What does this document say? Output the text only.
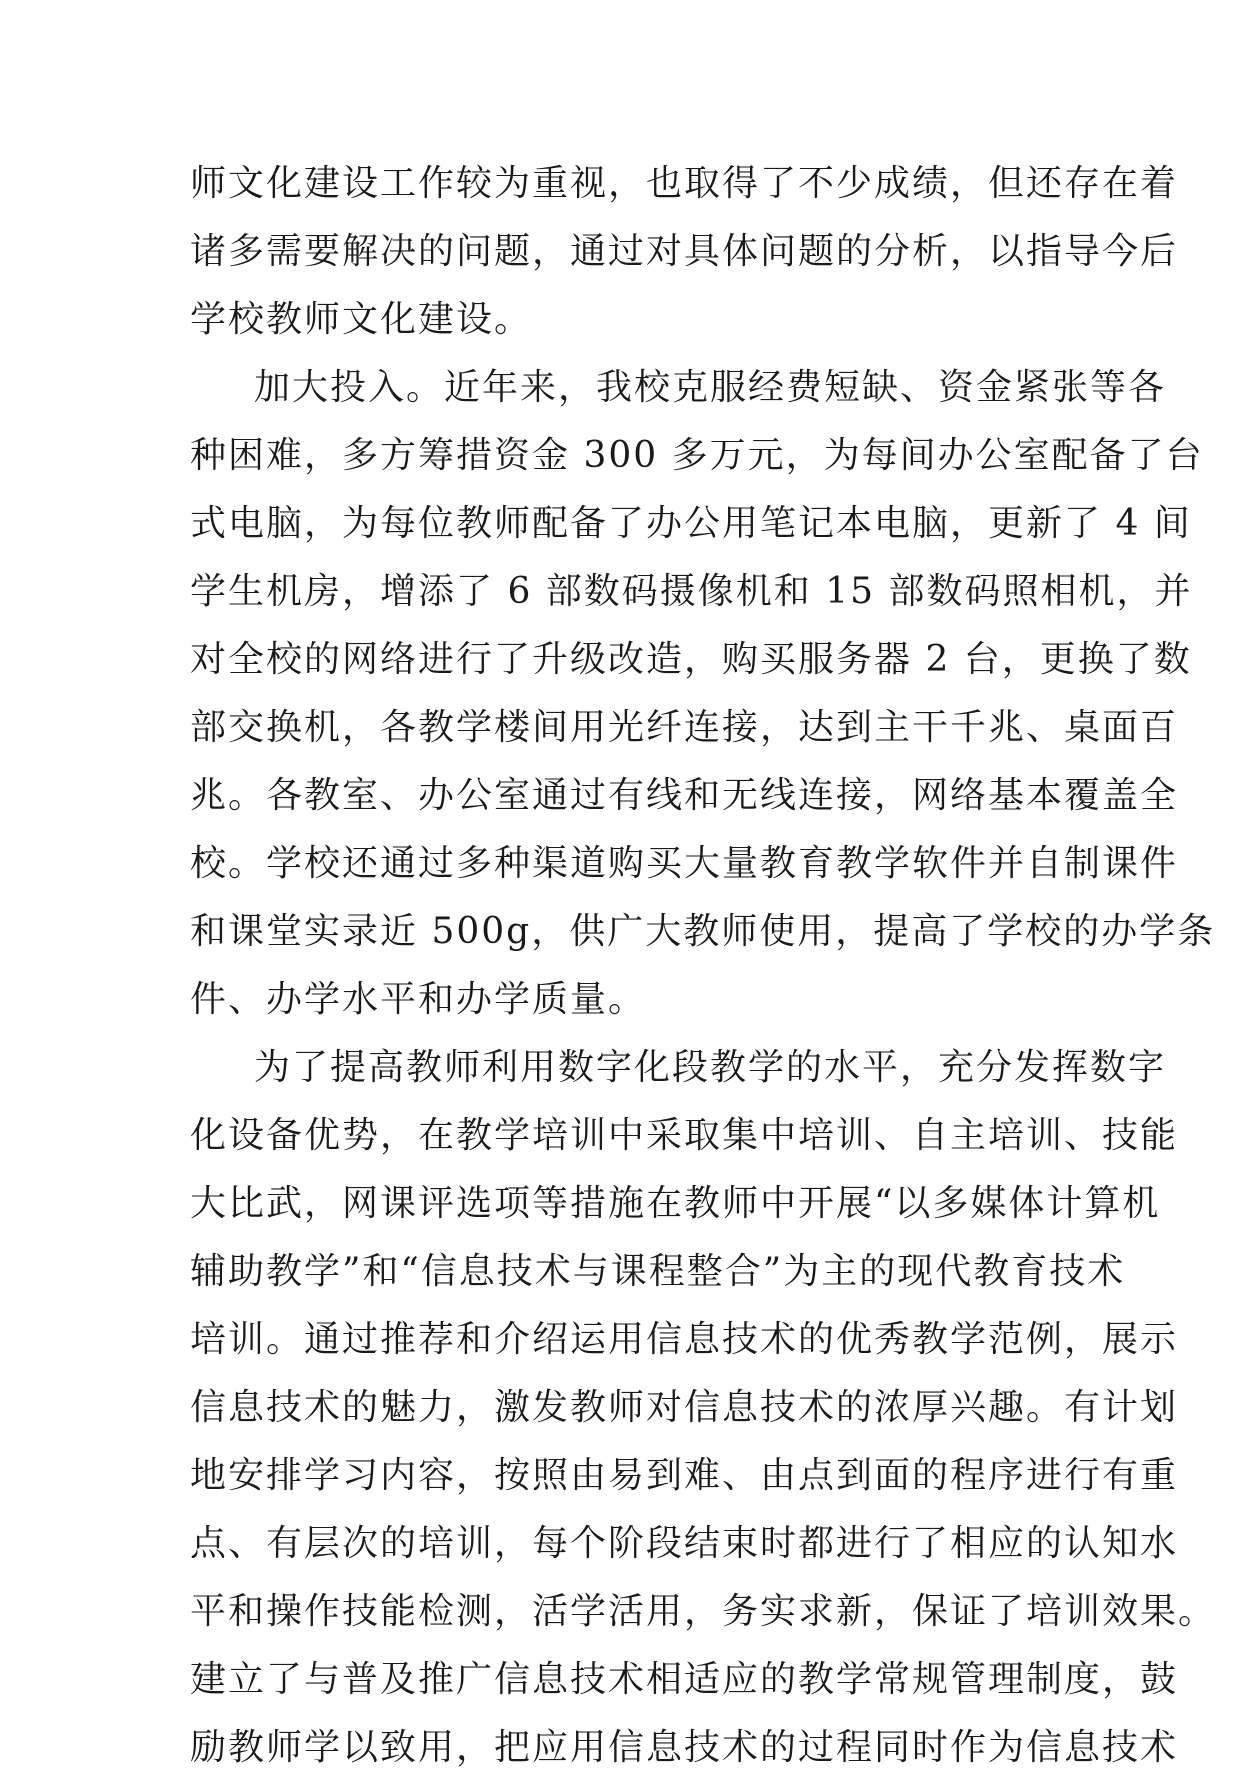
师文化建设工作较为重视，也取得了不少成绩，但还存在着
诸多需要解决的问题，通过对具体问题的分析，以指导今后
学校教师文化建设。
加大投入。近年来，我校克服经费短缺、资金紧张等各
种困难，多方筹措资金 300 多万元，为每间办公室配备了台
式电脑，为每位教师配备了办公用笔记本电脑，更新了 4 间
学生机房，增添了 6 部数码摄像机和 15 部数码照相机，并
对全校的网络进行了升级改造，购买服务器 2 台，更换了数
部交换机，各教学楼间用光纤连接，达到主干千兆、桌面百
兆。各教室、办公室通过有线和无线连接，网络基本覆盖全
校。学校还通过多种渠道购买大量教育教学软件并自制课件
和课堂实录近 500g，供广大教师使用，提高了学校的办学条
件、办学水平和办学质量。
为了提高教师利用数字化段教学的水平，充分发挥数字
化设备优势，在教学培训中采取集中培训、自主培训、技能
大比武，网课评选项等措施在教师中开展“以多媒体计算机
辅助教学”和“信息技术与课程整合”为主的现代教育技术
培训。通过推荐和介绍运用信息技术的优秀教学范例，展示
信息技术的魅力，激发教师对信息技术的浓厚兴趣。有计划
地安排学习内容，按照由易到难、由点到面的程序进行有重
点、有层次的培训，每个阶段结束时都进行了相应的认知水
平和操作技能检测，活学活用，务实求新，保证了培训效果。
建立了与普及推广信息技术相适应的教学常规管理制度，鼓
励教师学以致用，把应用信息技术的过程同时作为信息技术
